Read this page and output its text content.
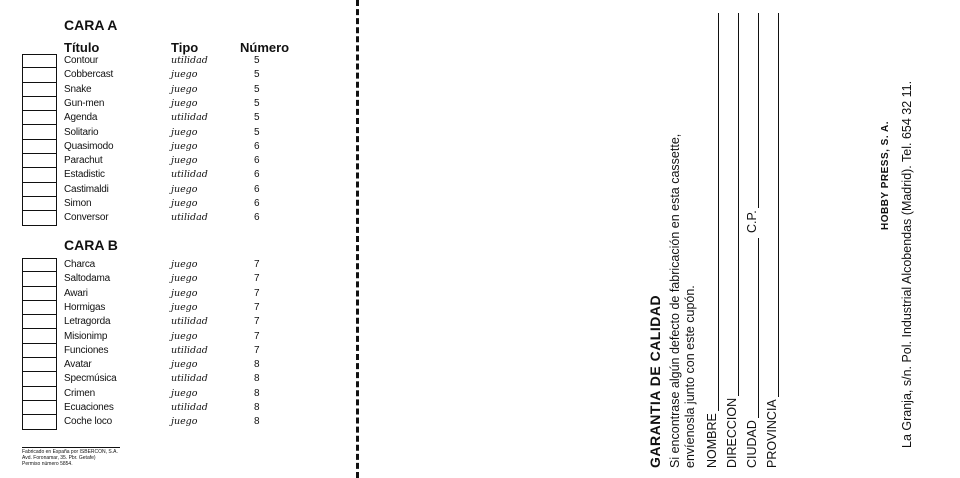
CARA A
Título	Tipo	Número
Contour	utilidad	5
Cobbercast	juego	5
Snake	juego	5
Gun-men	juego	5
Agenda	utilidad	5
Solitario	juego	5
Quasimodo	juego	6
Parachut	juego	6
Estadistic	utilidad	6
Castimaldi	juego	6
Simon	juego	6
Conversor	utilidad	6
CARA B
Charca	juego	7
Saltodama	juego	7
Awari	juego	7
Hormigas	juego	7
Letragorda	utilidad	7
Misionimp	juego	7
Funciones	utilidad	7
Avatar	juego	8
Specmúsica	utilidad	8
Crimen	juego	8
Ecuaciones	utilidad	8
Coche loco	juego	8
Fabricado en España por ISBERCON, S.A.
Avd. Foronamar, 35. Pbr. Getafe)
Permiso número 5854.	GARANTIA DE CALIDAD Si encontrase algún defecto de fabricación en esta cassette, envíenosla junto con este cupón. NOMBRE DIRECCION CIUDAD
C.P.
PROVINCIA
HOBBY PRESS, S. A. La Granja, s/n. Pol. Industrial Alcobendas (Madrid). Tel. 654 32 11.
